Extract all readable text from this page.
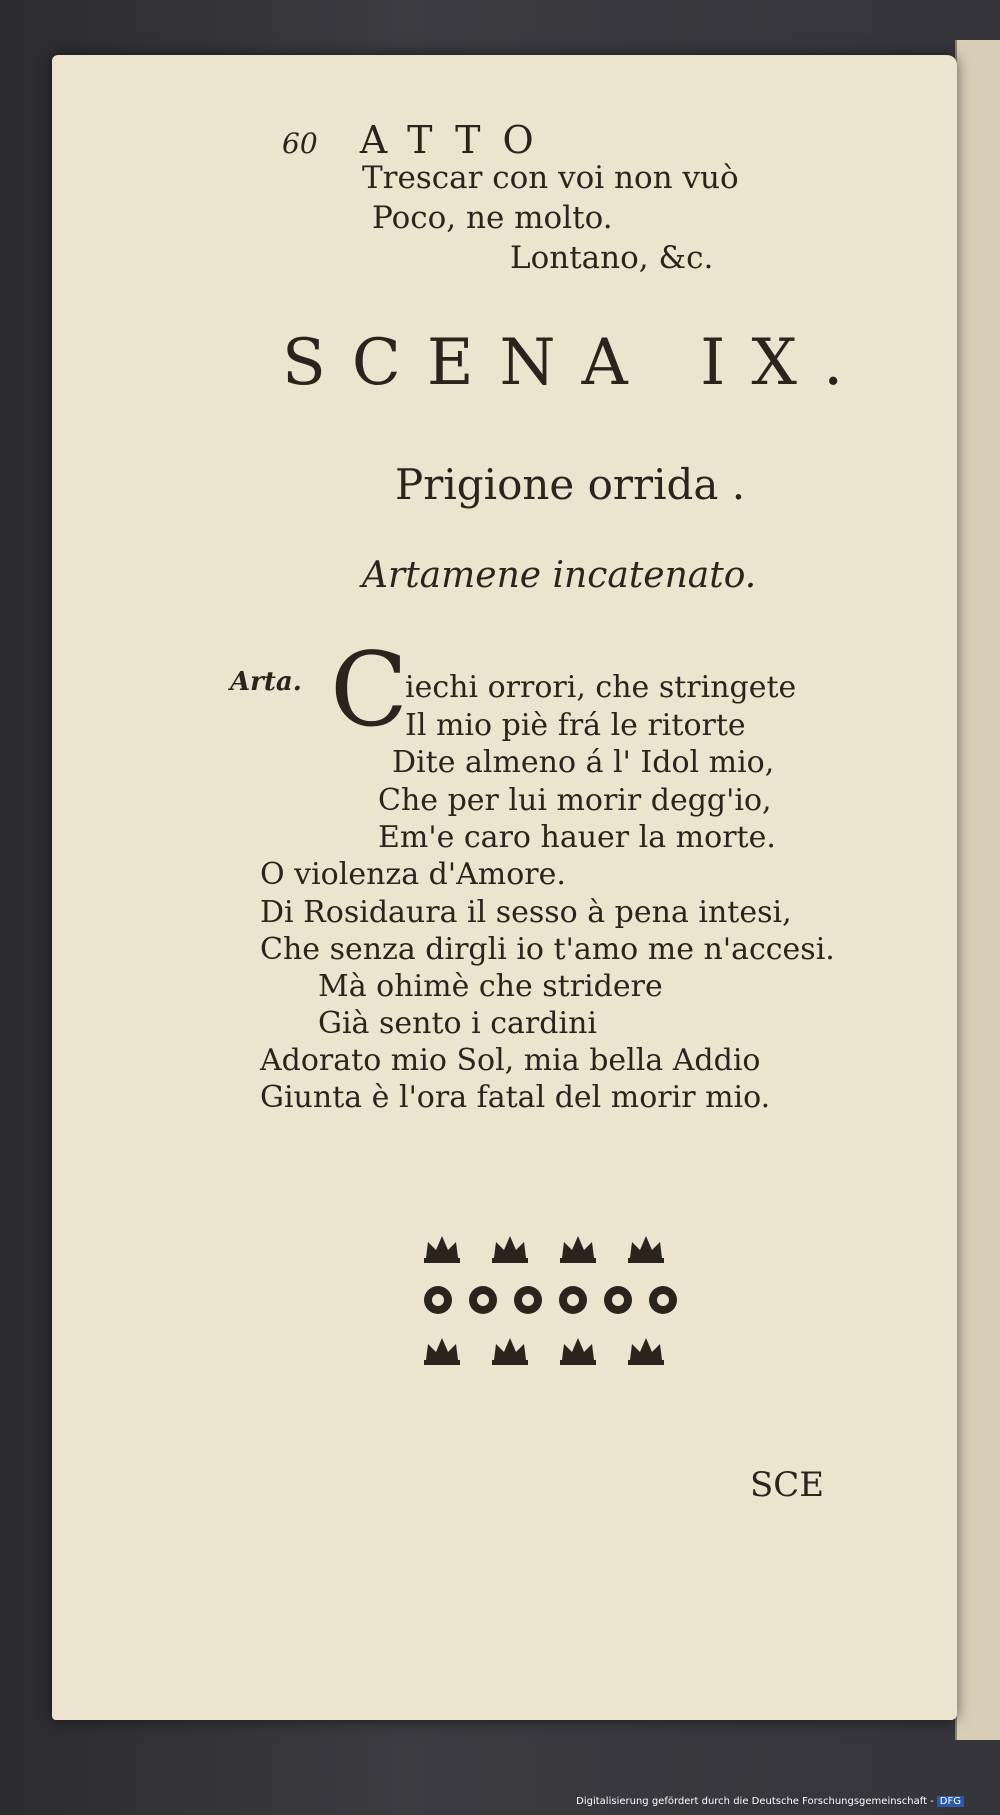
60 ATTO
Trescar con voi non vuò
Poco, ne molto.
Lontano, &c.
SCENA IX.
Prigione orrida .
Artamene incatenato.
Arta. C
iechi orrori, che stringete
Il mio piè frá le ritorte
Dite almeno á l' Idol mio,
Che per lui morir degg'io,
Em'e caro hauer la morte.
O violenza d'Amore.
Di Rosidaura il sesso à pena intesi,
Che senza dirgli io t'amo me n'accesi.
Mà ohimè che stridere
Già sento i cardini
Adorato mio Sol, mia bella Addio
Giunta è l'ora fatal del morir mio.
SCE
Digitalisierung gefördert durch die Deutsche Forschungsgemeinschaft - DFG
